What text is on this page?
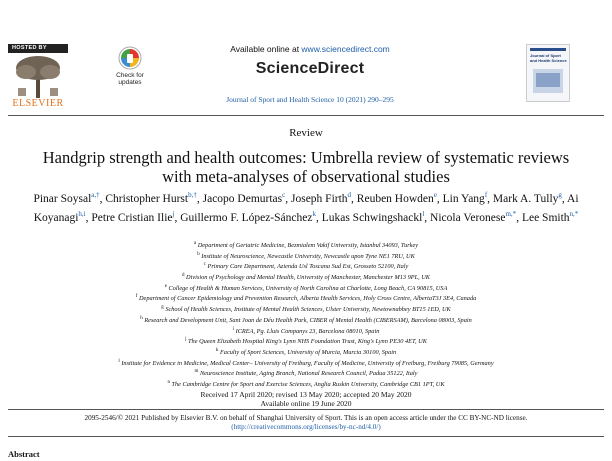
HOSTED BY
ELSEVIER
Check for updates
Available online at www.sciencedirect.com
ScienceDirect
Journal of Sport and Health Science 10 (2021) 290–295
Journal of Sport and Health Science
Review
Handgrip strength and health outcomes: Umbrella review of systematic reviews with meta-analyses of observational studies
Pinar Soysal$^{a,\dagger}$, Christopher Hurst$^{b,\dagger}$, Jacopo Demurtas$^c$, Joseph Firth$^d$, Reuben Howden$^e$, Lin Yang$^f$, Mark A. Tully$^g$, Ai Koyanagi$^{h,i}$, Petre Cristian Ilie$^j$, Guillermo F. López-Sánchez$^k$, Lukas Schwingshackl$^l$, Nicola Veronese$^{m,*}$, Lee Smith$^{n,*}$
$^a$ Department of Geriatric Medicine, Bezmialem Vakif University, Istanbul 34093, Turkey
$^b$ Institute of Neuroscience, Newcastle University, Newcastle upon Tyne NE1 7RU, UK
$^c$ Primary Care Department, Azienda Usl Toscana Sud Est, Grosseto 52100, Italy
$^d$ Division of Psychology and Mental Health, University of Manchester, Manchester M13 9PL, UK
$^e$ College of Health & Human Services, University of North Carolina at Charlotte, Long Beach, CA 90815, USA
$^f$ Department of Cancer Epidemiology and Prevention Research, Alberta Health Services, Holy Cross Centre, AlbertaT3J 3E4, Canada
$^g$ School of Health Sciences, Institute of Mental Health Sciences, Ulster University, Newtownabbey BT15 1ED, UK
$^h$ Research and Development Unit, Sant Joan de Déu Health Park, CIBER of Mental Health (CIBERSAM), Barcelona 08003, Spain
$^i$ ICREA, Pg. Lluis Companys 23, Barcelona 08010, Spain
$^j$ The Queen Elizabeth Hospital King's Lynn NHS Foundation Trust, King's Lynn PE30 4ET, UK
$^k$ Faculty of Sport Sciences, University of Murcia, Murcia 30100, Spain
$^l$ Institute for Evidence in Medicine, Medical Center– University of Freiburg, Faculty of Medicine, University of Freiburg, Freiburg 79085, Germany
$^m$ Neuroscience Institute, Aging Branch, National Research Council, Padua 35122, Italy
$^n$ The Cambridge Centre for Sport and Exercise Sciences, Anglia Ruskin University, Cambridge CB1 1PT, UK
Received 17 April 2020; revised 13 May 2020; accepted 20 May 2020
Available online 19 June 2020
2095-2546/© 2021 Published by Elsevier B.V. on behalf of Shanghai University of Sport. This is an open access article under the CC BY-NC-ND license.
(http://creativecommons.org/licenses/by-nc-nd/4.0/)
Abstract
